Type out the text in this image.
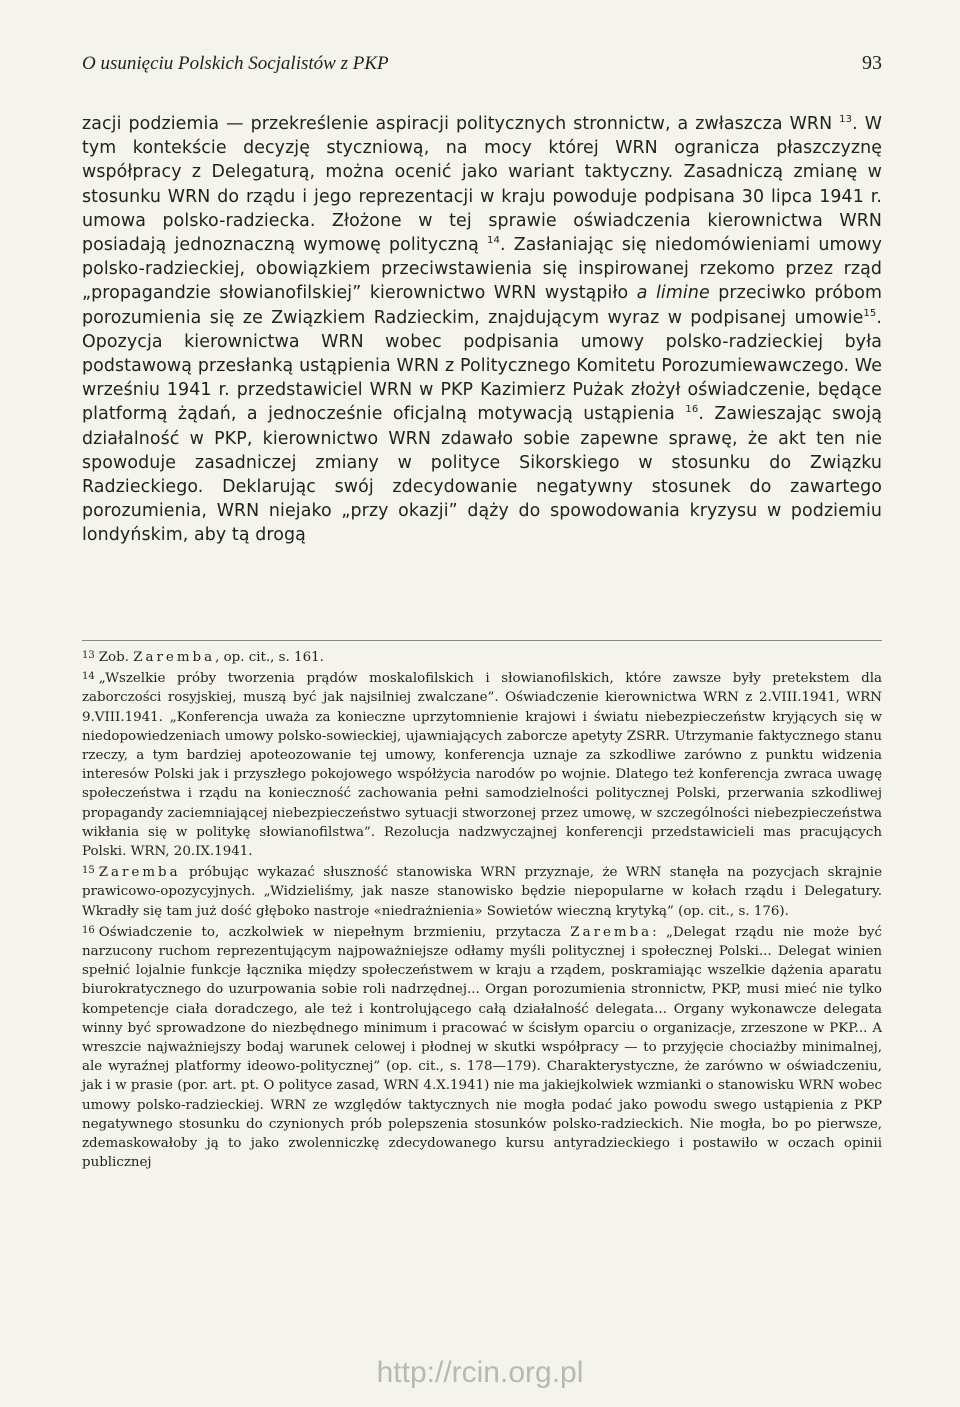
O usunięciu Polskich Socjalistów z PKP	93

zacji podziemia — przekreślenie aspiracji politycznych stronnictw, a zwłaszcza WRN $^{13}$. W tym kontekście decyzję styczniową, na mocy której WRN ogranicza płaszczyznę współpracy z Delegaturą, można ocenić jako wariant taktyczny. Zasadniczą zmianę w stosunku WRN do rządu i jego reprezentacji w kraju powoduje podpisana 30 lipca 1941 r. umowa polsko-radziecka. Złożone w tej sprawie oświadczenia kierownictwa WRN posiadają jednoznaczną wymowę polityczną $^{14}$. Zasłaniając się niedomówieniami umowy polsko-radzieckiej, obowiązkiem przeciwstawienia się inspirowanej rzekomo przez rząd „propagandzie słowianofilskiej” kierownictwo WRN wystąpiło a limine przeciwko próbom porozumienia się ze Związkiem Radzieckim, znajdującym wyraz w podpisanej umowie$^{15}$. Opozycja kierownictwa WRN wobec podpisania umowy polsko-radzieckiej była podstawową przesłanką ustąpienia WRN z Politycznego Komitetu Porozumiewawczego. We wrześniu 1941 r. przedstawiciel WRN w PKP Kazimierz Pużak złożył oświadczenie, będące platformą żądań, a jednocześnie oficjalną motywacją ustąpienia $^{16}$. Zawieszając swoją działalność w PKP, kierownictwo WRN zdawało sobie zapewne sprawę, że akt ten nie spowoduje zasadniczej zmiany w polityce Sikorskiego w stosunku do Związku Radzieckiego. Deklarując swój zdecydowanie negatywny stosunek do zawartego porozumienia, WRN niejako „przy okazji” dąży do spowodowania kryzysu w podziemiu londyńskim, aby tą drogą

$^{13}$ Zob. Zaremba, op. cit., s. 161.

$^{14}$ „Wszelkie próby tworzenia prądów moskalofilskich i słowianofilskich, które zawsze były pretekstem dla zaborczości rosyjskiej, muszą być jak najsilniej zwalczane”. Oświadczenie kierownictwa WRN z 2.VIII.1941, WRN 9.VIII.1941. „Konferencja uważa za konieczne uprzytomnienie krajowi i światu niebezpieczeństw kryjących się w niedopowiedzeniach umowy polsko-sowieckiej, ujawniających zaborcze apetyty ZSRR. Utrzymanie faktycznego stanu rzeczy, a tym bardziej apoteozowanie tej umowy, konferencja uznaje za szkodliwe zarówno z punktu widzenia interesów Polski jak i przyszłego pokojowego współżycia narodów po wojnie. Dlatego też konferencja zwraca uwagę społeczeństwa i rządu na konieczność zachowania pełni samodzielności politycznej Polski, przerwania szkodliwej propagandy zaciemniającej niebezpieczeństwo sytuacji stworzonej przez umowę, w szczególności niebezpieczeństwa wikłania się w politykę słowianofilstwa”. Rezolucja nadzwyczajnej konferencji przedstawicieli mas pracujących Polski. WRN, 20.IX.1941.

$^{15}$ Zaremba próbując wykazać słuszność stanowiska WRN przyznaje, że WRN stanęła na pozycjach skrajnie prawicowo-opozycyjnych. „Widzieliśmy, jak nasze stanowisko będzie niepopularne w kołach rządu i Delegatury. Wkradły się tam już dość głęboko nastroje «niedrażnienia» Sowietów wieczną krytyką” (op. cit., s. 176).

$^{16}$ Oświadczenie to, aczkolwiek w niepełnym brzmieniu, przytacza Zaremba: „Delegat rządu nie może być narzucony ruchom reprezentującym najpoważniejsze odłamy myśli politycznej i społecznej Polski... Delegat winien spełnić lojalnie funkcje łącznika między społeczeństwem w kraju a rządem, poskramiając wszelkie dążenia aparatu biurokratycznego do uzurpowania sobie roli nadrzędnej... Organ porozumienia stronnictw, PKP, musi mieć nie tylko kompetencje ciała doradczego, ale też i kontrolującego całą działalność delegata... Organy wykonawcze delegata winny być sprowadzone do niezbędnego minimum i pracować w ścisłym oparciu o organizacje, zrzeszone w PKP... A wreszcie najważniejszy bodaj warunek celowej i płodnej w skutki współpracy — to przyjęcie chociażby minimalnej, ale wyraźnej platformy ideowo-politycznej” (op. cit., s. 178—179). Charakterystyczne, że zarówno w oświadczeniu, jak i w prasie (por. art. pt. O polityce zasad, WRN 4.X.1941) nie ma jakiejkolwiek wzmianki o stanowisku WRN wobec umowy polsko-radzieckiej. WRN ze względów taktycznych nie mogła podać jako powodu swego ustąpienia z PKP negatywnego stosunku do czynionych prób polepszenia stosunków polsko-radzieckich. Nie mogła, bo po pierwsze, zdemaskowałoby ją to jako zwolenniczkę zdecydowanego kursu antyradzieckiego i postawiło w oczach opinii publicznej

http://rcin.org.pl
